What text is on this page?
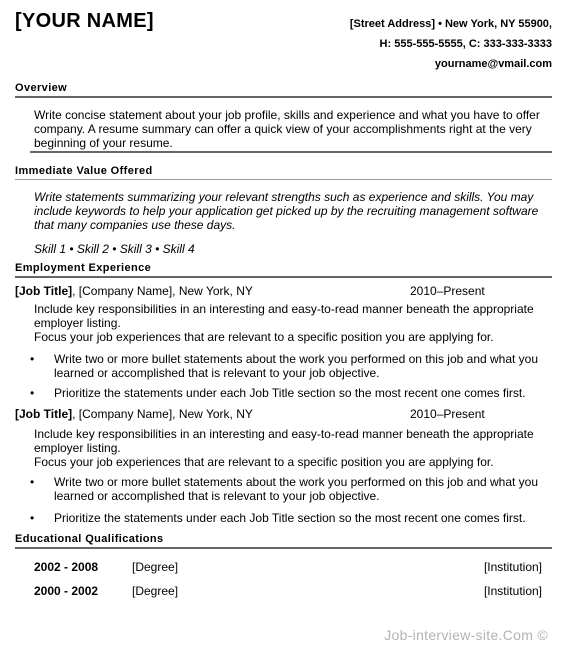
[YOUR NAME]	[Street Address] • New York, NY 55900,
H: 555-555-5555, C: 333-333-3333
yourname@vmail.com
Overview
Write concise statement about your job profile, skills and experience and what you have to offer
company. A resume summary can offer a quick view of your accomplishments right at the very
beginning of your resume.
Immediate Value Offered
Write statements summarizing your relevant strengths such as experience and skills. You may
include keywords to help your application get picked up by the recruiting management software
that many companies use these days.
Skill 1 • Skill 2 • Skill 3 • Skill 4
Employment Experience
[Job Title], [Company Name], New York, NY	2010–Present
Include key responsibilities in an interesting and easy-to-read manner beneath the appropriate
employer listing.
Focus your job experiences that are relevant to a specific position you are applying for.
• Write two or more bullet statements about the work you performed on this job and what you
learned or accomplished that is relevant to your job objective.
• Prioritize the statements under each Job Title section so the most recent one comes first.
[Job Title], [Company Name], New York, NY	2010–Present
Include key responsibilities in an interesting and easy-to-read manner beneath the appropriate
employer listing.
Focus your job experiences that are relevant to a specific position you are applying for.
• Write two or more bullet statements about the work you performed on this job and what you
learned or accomplished that is relevant to your job objective.
• Prioritize the statements under each Job Title section so the most recent one comes first.
Educational Qualifications
2002 - 2008	[Degree]	[Institution]
2000 - 2002	[Degree]	[Institution]
Job-interview-site.Com ©
